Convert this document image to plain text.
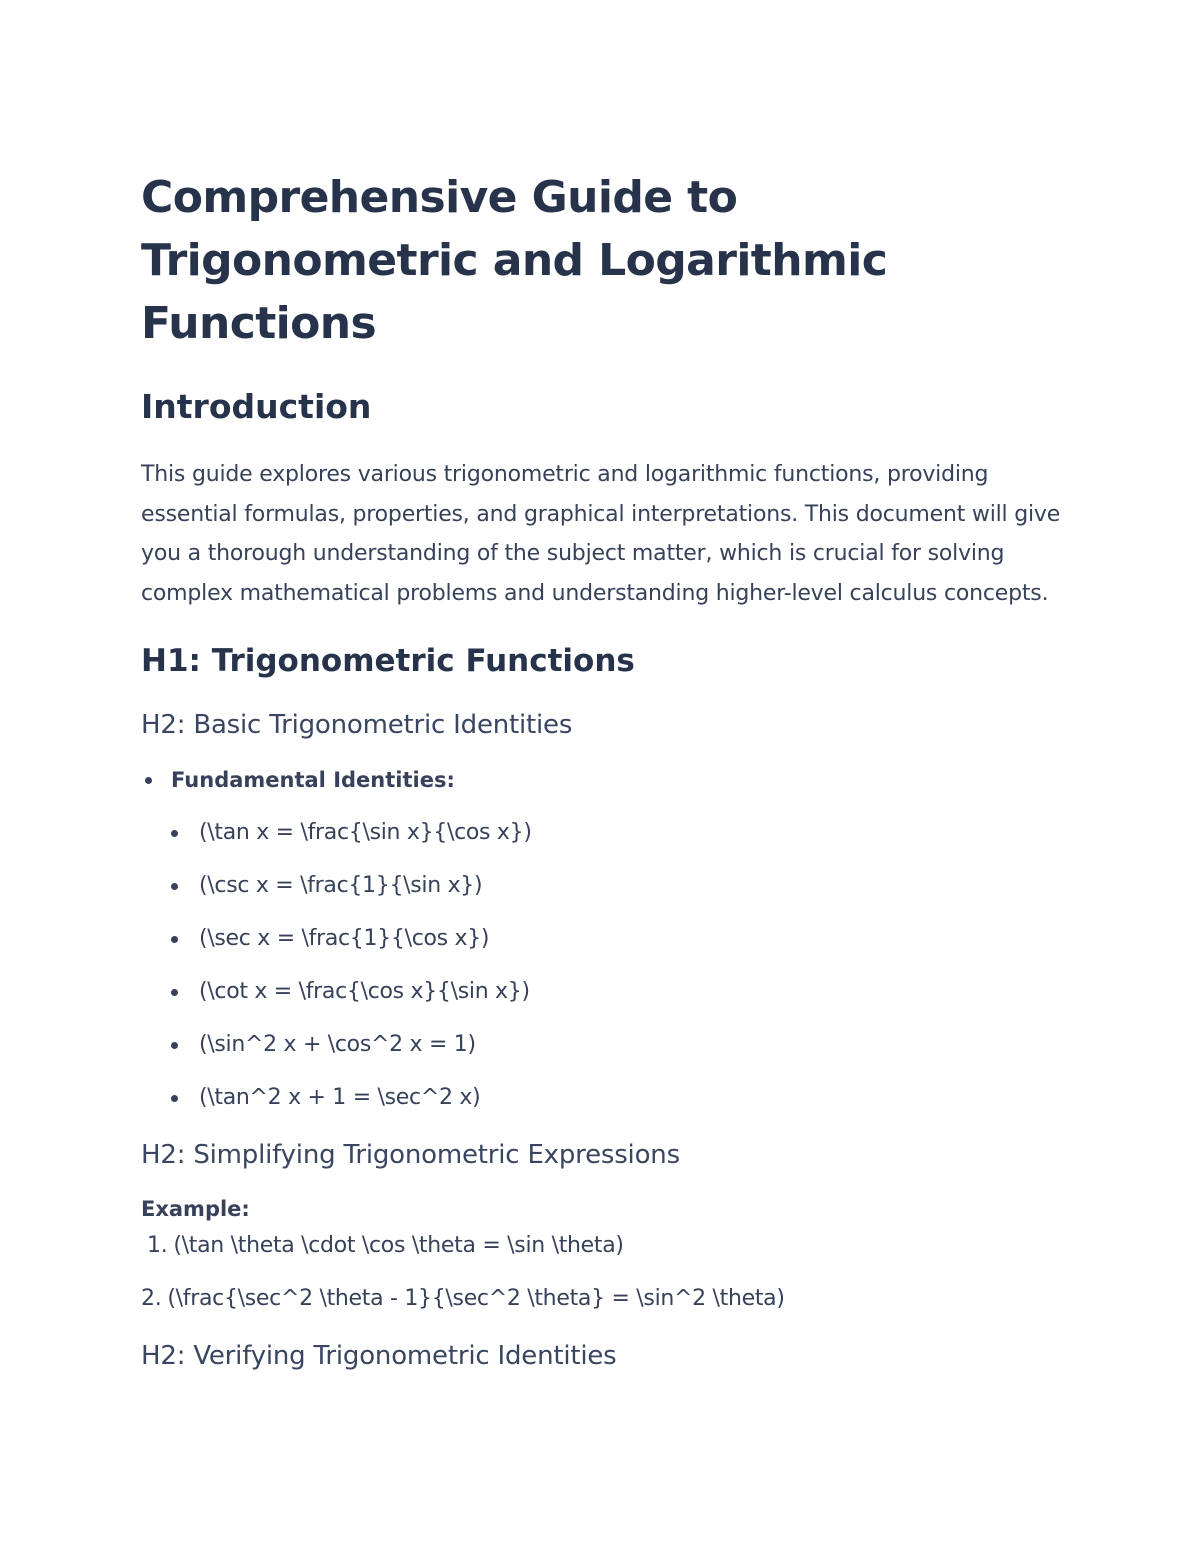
Comprehensive Guide to Trigonometric and Logarithmic Functions
Introduction

This guide explores various trigonometric and logarithmic functions, providing essential formulas, properties, and graphical interpretations. This document will give you a thorough understanding of the subject matter, which is crucial for solving complex mathematical problems and understanding higher-level calculus concepts.

H1: Trigonometric Functions
H2: Basic Trigonometric Identities
Fundamental Identities:
(\tan x = \frac{\sin x}{\cos x})
(\csc x = \frac{1}{\sin x})
(\sec x = \frac{1}{\cos x})
(\cot x = \frac{\cos x}{\sin x})
(\sin^2 x + \cos^2 x = 1)
(\tan^2 x + 1 = \sec^2 x)
H2: Simplifying Trigonometric Expressions

Example:

1. (\tan \theta \cdot \cos \theta = \sin \theta)
2. (\frac{\sec^2 \theta - 1}{\sec^2 \theta} = \sin^2 \theta)
H2: Verifying Trigonometric Identities
